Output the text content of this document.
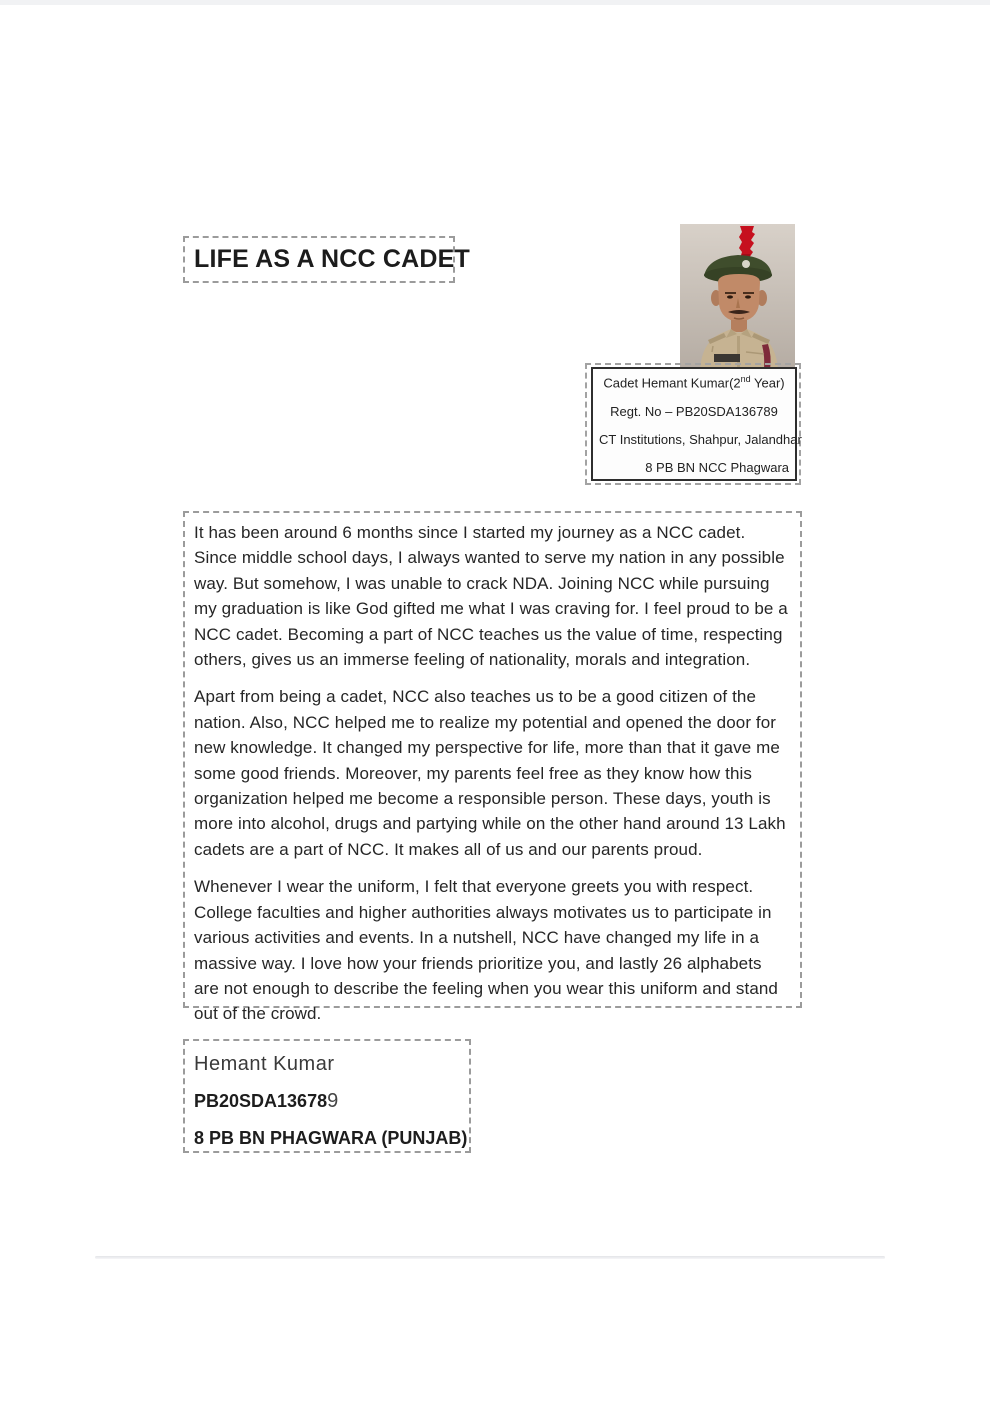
LIFE AS A NCC CADET
Cadet Hemant Kumar(2nd Year)
Regt. No – PB20SDA136789
CT Institutions, Shahpur, Jalandhar
8 PB BN NCC Phagwara

It has been around 6 months since I started my journey as a NCC cadet. Since middle school days, I always wanted to serve my nation in any possible way. But somehow, I was unable to crack NDA. Joining NCC while pursuing my graduation is like God gifted me what I was craving for. I feel proud to be a NCC cadet. Becoming a part of NCC teaches us the value of time, respecting others, gives us an immerse feeling of nationality, morals and integration.

Apart from being a cadet, NCC also teaches us to be a good citizen of the nation. Also, NCC helped me to realize my potential and opened the door for new knowledge. It changed my perspective for life, more than that it gave me some good friends. Moreover, my parents feel free as they know how this organization helped me become a responsible person. These days, youth is more into alcohol, drugs and partying while on the other hand around 13 Lakh cadets are a part of NCC. It makes all of us and our parents proud.

Whenever I wear the uniform, I felt that everyone greets you with respect. College faculties and higher authorities always motivates us to participate in various activities and events. In a nutshell, NCC have changed my life in a massive way. I love how your friends prioritize you, and lastly 26 alphabets are not enough to describe the feeling when you wear this uniform and stand out of the crowd.

Hemant Kumar
PB20SDA136789
8 PB BN PHAGWARA (PUNJAB)
